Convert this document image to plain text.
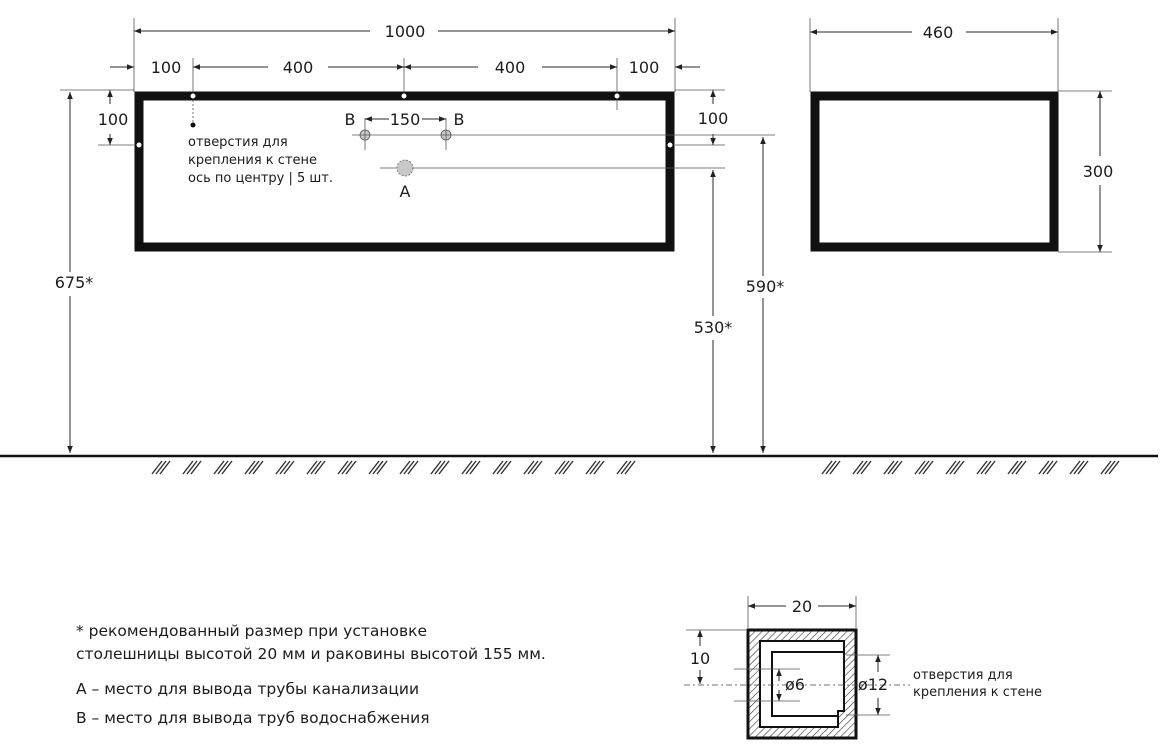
1000
100	400	400	100
отверстия для
крепления к стене
ось по центру | 5 шт.
100	100
150
B	B
A
675*
530*
590*
460
300
20
10
ø6	ø12 отверстия для
крепления к стене
* рекомендованный размер при установке
столешницы высотой 20 мм и раковины высотой 155 мм.
А – место для вывода трубы канализации
В – место для вывода труб водоснабжения
